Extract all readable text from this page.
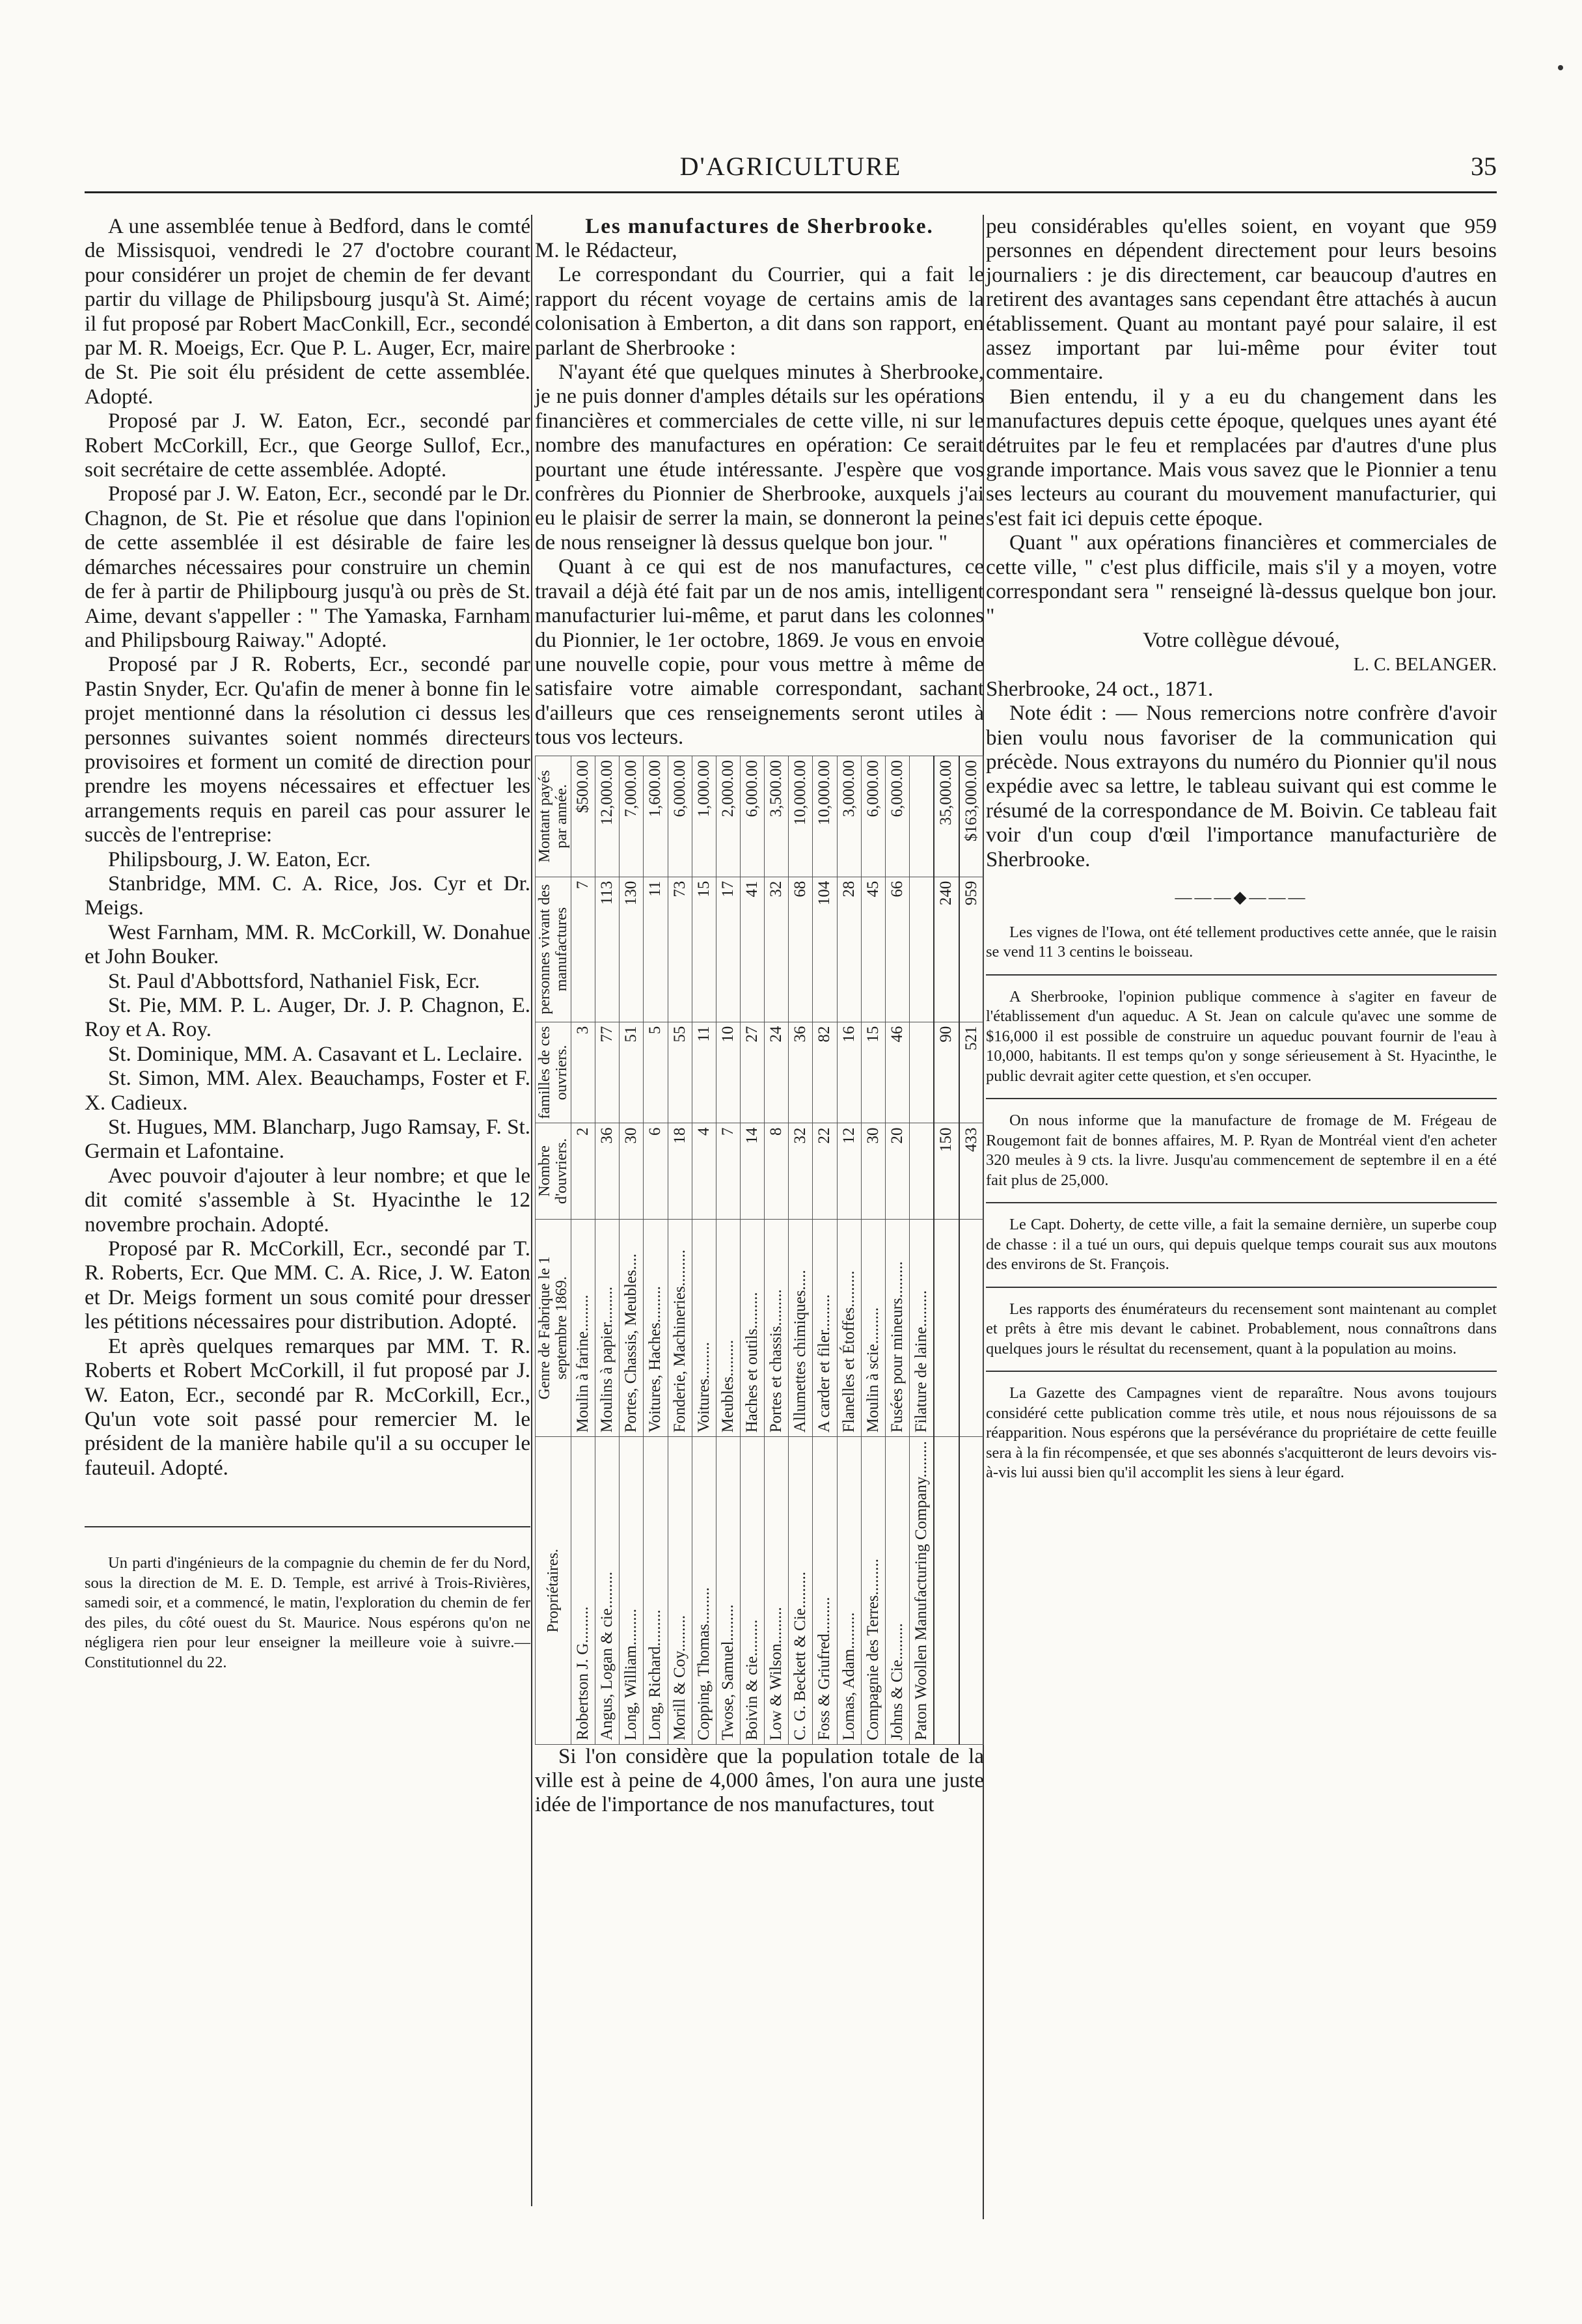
D'AGRICULTURE	35

A une assemblée tenue à Bedford, dans le comté de Missisquoi, vendredi le 27 d'octobre courant pour considérer un projet de chemin de fer devant partir du village de Philipsbourg jusqu'à St. Aimé; il fut proposé par Robert MacConkill, Ecr., secondé par M. R. Moeigs, Ecr. Que P. L. Auger, Ecr, maire de St. Pie soit élu président de cette assemblée. Adopté.

Proposé par J. W. Eaton, Ecr., secondé par Robert McCorkill, Ecr., que George Sullof, Ecr., soit secrétaire de cette assemblée. Adopté.

Proposé par J. W. Eaton, Ecr., secondé par le Dr. Chagnon, de St. Pie et résolue que dans l'opinion de cette assemblée il est désirable de faire les démarches nécessaires pour construire un chemin de fer à partir de Philipbourg jusqu'à ou près de St. Aime, devant s'appeller : " The Yamaska, Farnham and Philipsbourg Raiway." Adopté.

Proposé par J R. Roberts, Ecr., secondé par Pastin Snyder, Ecr. Qu'afin de mener à bonne fin le projet mentionné dans la résolution ci dessus les personnes suivantes soient nommés directeurs provisoires et forment un comité de direction pour prendre les moyens nécessaires et effectuer les arrangements requis en pareil cas pour assurer le succès de l'entreprise:

Philipsbourg, J. W. Eaton, Ecr.

Stanbridge, MM. C. A. Rice, Jos. Cyr et Dr. Meigs.

West Farnham, MM. R. McCorkill, W. Donahue et John Bouker.

St. Paul d'Abbottsford, Nathaniel Fisk, Ecr.

St. Pie, MM. P. L. Auger, Dr. J. P. Chagnon, E. Roy et A. Roy.

St. Dominique, MM. A. Casavant et L. Leclaire.

St. Simon, MM. Alex. Beauchamps, Foster et F. X. Cadieux.

St. Hugues, MM. Blancharp, Jugo Ramsay, F. St. Germain et Lafontaine.

Avec pouvoir d'ajouter à leur nombre; et que le dit comité s'assemble à St. Hyacinthe le 12 novembre prochain. Adopté.

Proposé par R. McCorkill, Ecr., secondé par T. R. Roberts, Ecr. Que MM. C. A. Rice, J. W. Eaton et Dr. Meigs forment un sous comité pour dresser les pétitions nécessaires pour distribution. Adopté.

Et après quelques remarques par MM. T. R. Roberts et Robert McCorkill, il fut proposé par J. W. Eaton, Ecr., secondé par R. McCorkill, Ecr., Qu'un vote soit passé pour remercier M. le président de la manière habile qu'il a su occuper le fauteuil. Adopté.

Un parti d'ingénieurs de la compagnie du chemin de fer du Nord, sous la direction de M. E. D. Temple, est arrivé à Trois-Rivières, samedi soir, et a commencé, le matin, l'exploration du chemin de fer des piles, du côté ouest du St. Maurice. Nous espérons qu'on ne négligera rien pour leur enseigner la meilleure voie à suivre.—Constitutionnel du 22.

Les manufactures de Sherbrooke.

M. le Rédacteur,

Le correspondant du Courrier, qui a fait le rapport du récent voyage de certains amis de la colonisation à Emberton, a dit dans son rapport, en parlant de Sherbrooke :

N'ayant été que quelques minutes à Sherbrooke, je ne puis donner d'amples détails sur les opérations financières et commerciales de cette ville, ni sur le nombre des manufactures en opération: Ce serait pourtant une étude intéressante. J'espère que vos confrères du Pionnier de Sherbrooke, auxquels j'ai eu le plaisir de serrer la main, se donneront la peine de nous renseigner là dessus quelque bon jour. "

Quant à ce qui est de nos manufactures, ce travail a déjà été fait par un de nos amis, intelligent manufacturier lui-même, et parut dans les colonnes du Pionnier, le 1er octobre, 1869. Je vous en envoie une nouvelle copie, pour vous mettre à même de satisfaire votre aimable correspondant, sachant d'ailleurs que ces renseignements seront utiles à tous vos lecteurs.

Propriétaires.	Genre de Fabrique le 1 septembre 1869.	Nombre d'ouvriers.	familles de ces ouvriers.	personnes vivant des manufactures	Montant payés par année.
Robertson J. G.........	Moulin à farine.........	2	3	7	$500.00
Angus, Logan & cie.........	Moulins à papier.........	36	77	113	12,000.00
Long, William.........	Portes, Chassis, Meubles....	30	51	130	7,000.00
Long, Richard.........	Voitures, Haches.........	6	5	11	1,600.00
Morill & Coy.........	Fonderie, Machineries.........	18	55	73	6,000.00
Copping, Thomas.........	Voitures.........	4	11	15	1,000.00
Twose, Samuel.........	Meubles.........	7	10	17	2,000.00
Boivin & cie.........	Haches et outils.........	14	27	41	6,000.00
Low & Wilson.........	Portes et chassis.........	8	24	32	3,500.00
C. G. Beckett & Cie.........	Allumettes chimiques.....	32	36	68	10,000.00
Foss & Griufred.........	A carder et filer.........	22	82	104	10,000.00
Lomas, Adam.........	Flanelles et Étoffes.........	12	16	28	3,000.00
Compagnie des Terres.........	Moulin à scie.........	30	15	45	6,000.00
Johns & Cie.........	Fusées pour mineurs.........	20	46	66	6,000.00
Paton Woollen Manufacturing Company.........	Filature de laine.........				
		150	90	240	35,000.00
		433	521	959	$163,000.00

Si l'on considère que la population totale de la ville est à peine de 4,000 âmes, l'on aura une juste idée de l'importance de nos manufactures, tout

peu considérables qu'elles soient, en voyant que 959 personnes en dépendent directement pour leurs besoins journaliers : je dis directement, car beaucoup d'autres en retirent des avantages sans cependant être attachés à aucun établissement. Quant au montant payé pour salaire, il est assez important par lui-même pour éviter tout commentaire.

Bien entendu, il y a eu du changement dans les manufactures depuis cette époque, quelques unes ayant été détruites par le feu et remplacées par d'autres d'une plus grande importance. Mais vous savez que le Pionnier a tenu ses lecteurs au courant du mouvement manufacturier, qui s'est fait ici depuis cette époque.

Quant " aux opérations financières et commerciales de cette ville, " c'est plus difficile, mais s'il y a moyen, votre correspondant sera " renseigné là-dessus quelque bon jour. "

Votre collègue dévoué,

L. C. BELANGER.

Sherbrooke, 24 oct., 1871.

Note édit : — Nous remercions notre confrère d'avoir bien voulu nous favoriser de la communication qui précède. Nous extrayons du numéro du Pionnier qu'il nous expédie avec sa lettre, le tableau suivant qui est comme le résumé de la correspondance de M. Boivin. Ce tableau fait voir d'un coup d'œil l'importance manufacturière de Sherbrooke.

———◆———

Les vignes de l'Iowa, ont été tellement productives cette année, que le raisin se vend 11 3 centins le boisseau.

A Sherbrooke, l'opinion publique commence à s'agiter en faveur de l'établissement d'un aqueduc. A St. Jean on calcule qu'avec une somme de $16,000 il est possible de construire un aqueduc pouvant fournir de l'eau à 10,000, habitants. Il est temps qu'on y songe sérieusement à St. Hyacinthe, le public devrait agiter cette question, et s'en occuper.

On nous informe que la manufacture de fromage de M. Frégeau de Rougemont fait de bonnes affaires, M. P. Ryan de Montréal vient d'en acheter 320 meules à 9 cts. la livre. Jusqu'au commencement de septembre il en a été fait plus de 25,000.

Le Capt. Doherty, de cette ville, a fait la semaine dernière, un superbe coup de chasse : il a tué un ours, qui depuis quelque temps courait sus aux moutons des environs de St. François.

Les rapports des énumérateurs du recensement sont maintenant au complet et prêts à être mis devant le cabinet. Probablement, nous connaîtrons dans quelques jours le résultat du recensement, quant à la population au moins.

La Gazette des Campagnes vient de reparaître. Nous avons toujours considéré cette publication comme très utile, et nous nous réjouissons de sa réapparition. Nous espérons que la persévérance du propriétaire de cette feuille sera à la fin récompensée, et que ses abonnés s'acquitteront de leurs devoirs vis-à-vis lui aussi bien qu'il accomplit les siens à leur égard.
